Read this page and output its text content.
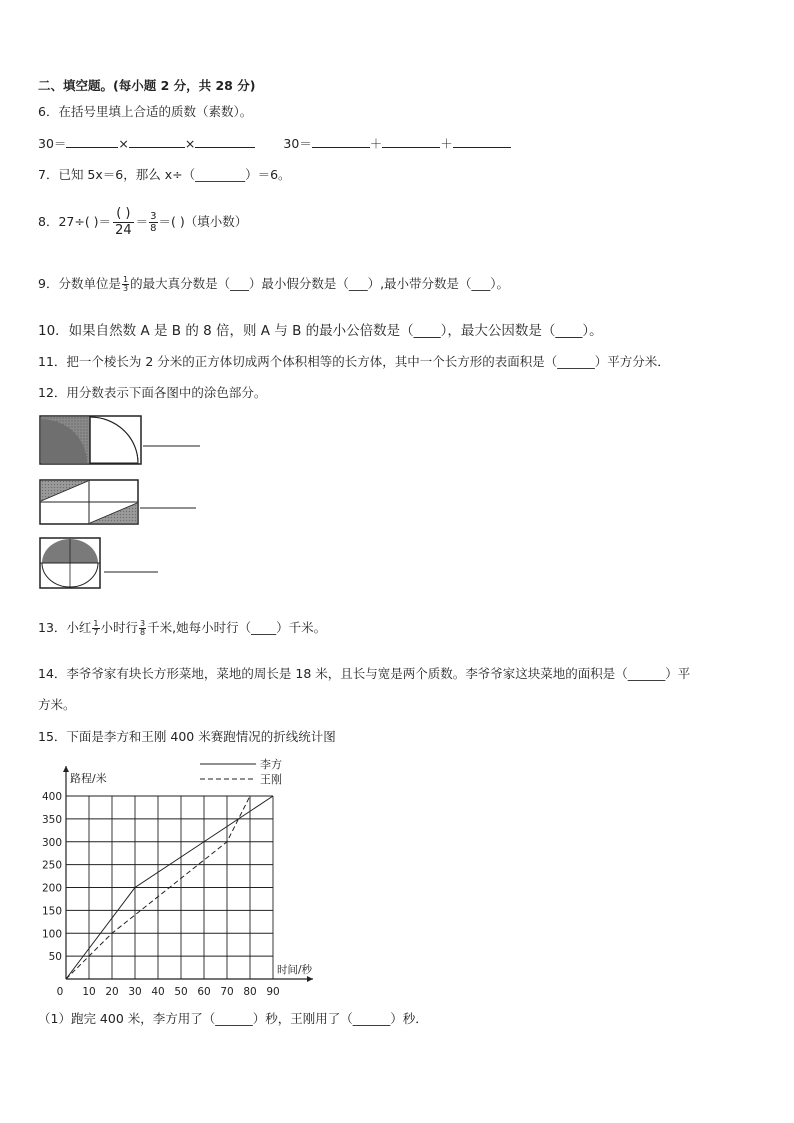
二、填空题。(每小题 2 分，共 28 分)
6．在括号里填上合适的质数（素数）。
30＝	×	×	30＝	＋	＋
7．已知 5x＝6，那么 x÷（________）＝6。
8．27÷( )＝
( )
24
＝ $\frac{3}{8}$ ＝( )（填小数）
9．分数单位是 $\frac{1}{3}$ 的最大真分数是（___）最小假分数是（___）,最小带分数是（___）。
10．如果自然数 A 是 B 的 8 倍，则 A 与 B 的最小公倍数是（____），最大公因数是（____）。
11．把一个棱长为 2 分米的正方体切成两个体积相等的长方体，其中一个长方形的表面积是（______）平方分米．
12．用分数表示下面各图中的涂色部分。
13．小红 $\frac{1}{7}$ 小时行 $\frac{3}{8}$ 千米,她每小时行（____）千米。
14．李爷爷家有块长方形菜地，菜地的周长是 18 米，且长与宽是两个质数。李爷爷家这块菜地的面积是（______）平
方米。
15．下面是李方和王刚 400 米赛跑情况的折线统计图
0 10 20 30 40 50 60 70 80 90
50
100
150
200
250
300
350
400
时间/秒
路程/米
李方
王刚
（1）跑完 400 米，李方用了（______）秒，王刚用了（______）秒．
